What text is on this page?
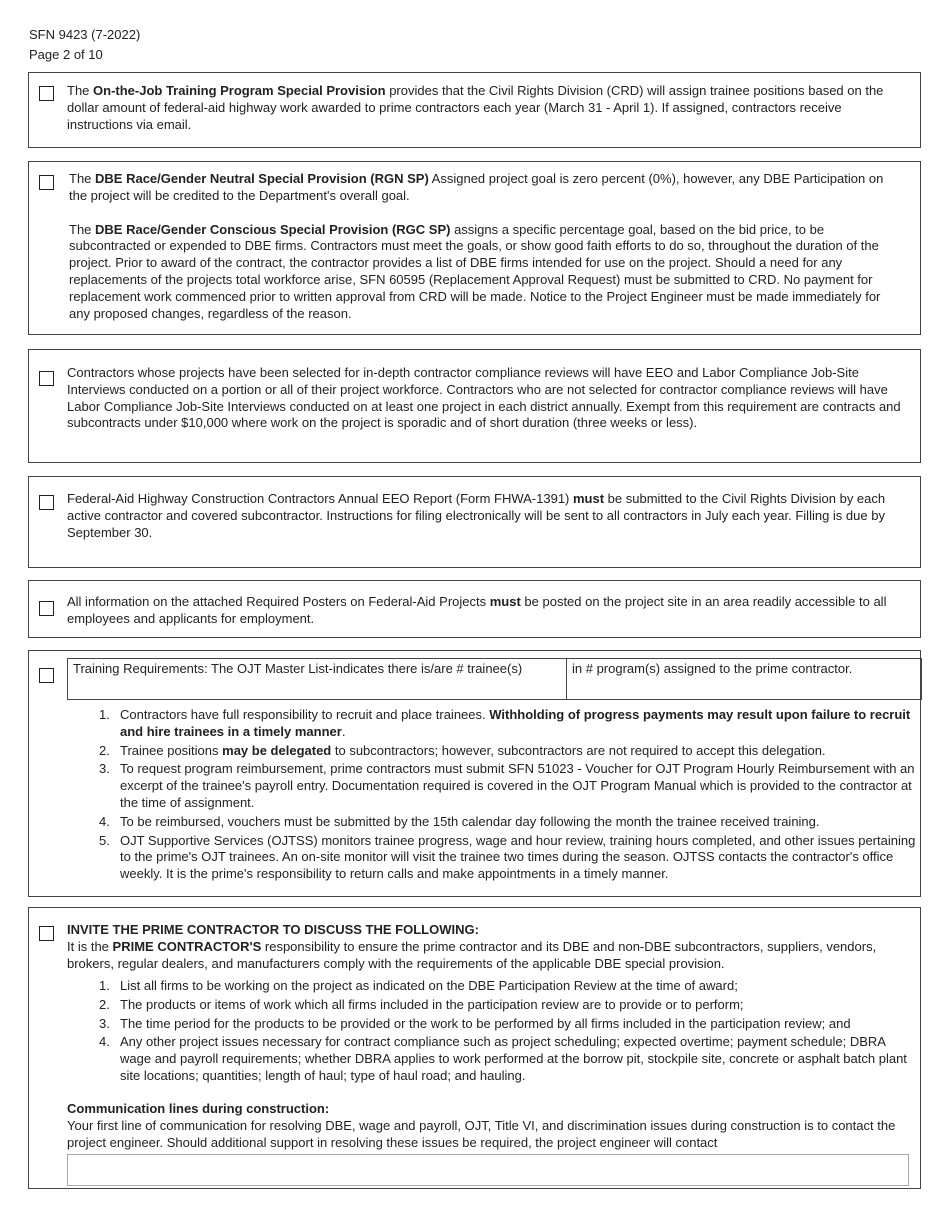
SFN 9423 (7-2022)
Page 2 of 10
The On-the-Job Training Program Special Provision provides that the Civil Rights Division (CRD) will assign trainee positions based on the dollar amount of federal-aid highway work awarded to prime contractors each year (March 31 - April 1). If assigned, contractors receive instructions via email.

The DBE Race/Gender Neutral Special Provision (RGN SP) Assigned project goal is zero percent (0%), however, any DBE Participation on the project will be credited to the Department's overall goal.

The DBE Race/Gender Conscious Special Provision (RGC SP) assigns a specific percentage goal, based on the bid price, to be subcontracted or expended to DBE firms. Contractors must meet the goals, or show good faith efforts to do so, throughout the duration of the project. Prior to award of the contract, the contractor provides a list of DBE firms intended for use on the project. Should a need for any replacements of the projects total workforce arise, SFN 60595 (Replacement Approval Request) must be submitted to CRD. No payment for replacement work commenced prior to written approval from CRD will be made. Notice to the Project Engineer must be made immediately for any proposed changes, regardless of the reason.

Contractors whose projects have been selected for in-depth contractor compliance reviews will have EEO and Labor Compliance Job-Site Interviews conducted on a portion or all of their project workforce. Contractors who are not selected for contractor compliance reviews will have Labor Compliance Job-Site Interviews conducted on at least one project in each district annually. Exempt from this requirement are contracts and subcontracts under $10,000 where work on the project is sporadic and of short duration (three weeks or less).
Federal-Aid Highway Construction Contractors Annual EEO Report (Form FHWA-1391) must be submitted to the Civil Rights Division by each active contractor and covered subcontractor. Instructions for filing electronically will be sent to all contractors in July each year. Filling is due by September 30.
All information on the attached Required Posters on Federal-Aid Projects must be posted on the project site in an area readily accessible to all employees and applicants for employment.
Training Requirements: The OJT Master List-indicates there is/are # trainee(s)	in # program(s) assigned to the prime contractor.
1. Contractors have full responsibility to recruit and place trainees. Withholding of progress payments may result upon failure to recruit and hire trainees in a timely manner.
2. Trainee positions may be delegated to subcontractors; however, subcontractors are not required to accept this delegation.
3. To request program reimbursement, prime contractors must submit SFN 51023 - Voucher for OJT Program Hourly Reimbursement with an excerpt of the trainee's payroll entry. Documentation required is covered in the OJT Program Manual which is provided to the contractor at the time of assignment.
4. To be reimbursed, vouchers must be submitted by the 15th calendar day following the month the trainee received training.
5. OJT Supportive Services (OJTSS) monitors trainee progress, wage and hour review, training hours completed, and other issues pertaining to the prime's OJT trainees. An on-site monitor will visit the trainee two times during the season. OJTSS contacts the contractor's office weekly. It is the prime's responsibility to return calls and make appointments in a timely manner.

INVITE THE PRIME CONTRACTOR TO DISCUSS THE FOLLOWING:

It is the PRIME CONTRACTOR'S responsibility to ensure the prime contractor and its DBE and non-DBE subcontractors, suppliers, vendors, brokers, regular dealers, and manufacturers comply with the requirements of the applicable DBE special provision.

1. List all firms to be working on the project as indicated on the DBE Participation Review at the time of award;
2. The products or items of work which all firms included in the participation review are to provide or to perform;
3. The time period for the products to be provided or the work to be performed by all firms included in the participation review; and
4. Any other project issues necessary for contract compliance such as project scheduling; expected overtime; payment schedule; DBRA wage and payroll requirements; whether DBRA applies to work performed at the borrow pit, stockpile site, concrete or asphalt batch plant site locations; quantities; length of haul; type of haul road; and hauling.

Communication lines during construction:

Your first line of communication for resolving DBE, wage and payroll, OJT, Title VI, and discrimination issues during construction is to contact the project engineer. Should additional support in resolving these issues be required, the project engineer will contact
